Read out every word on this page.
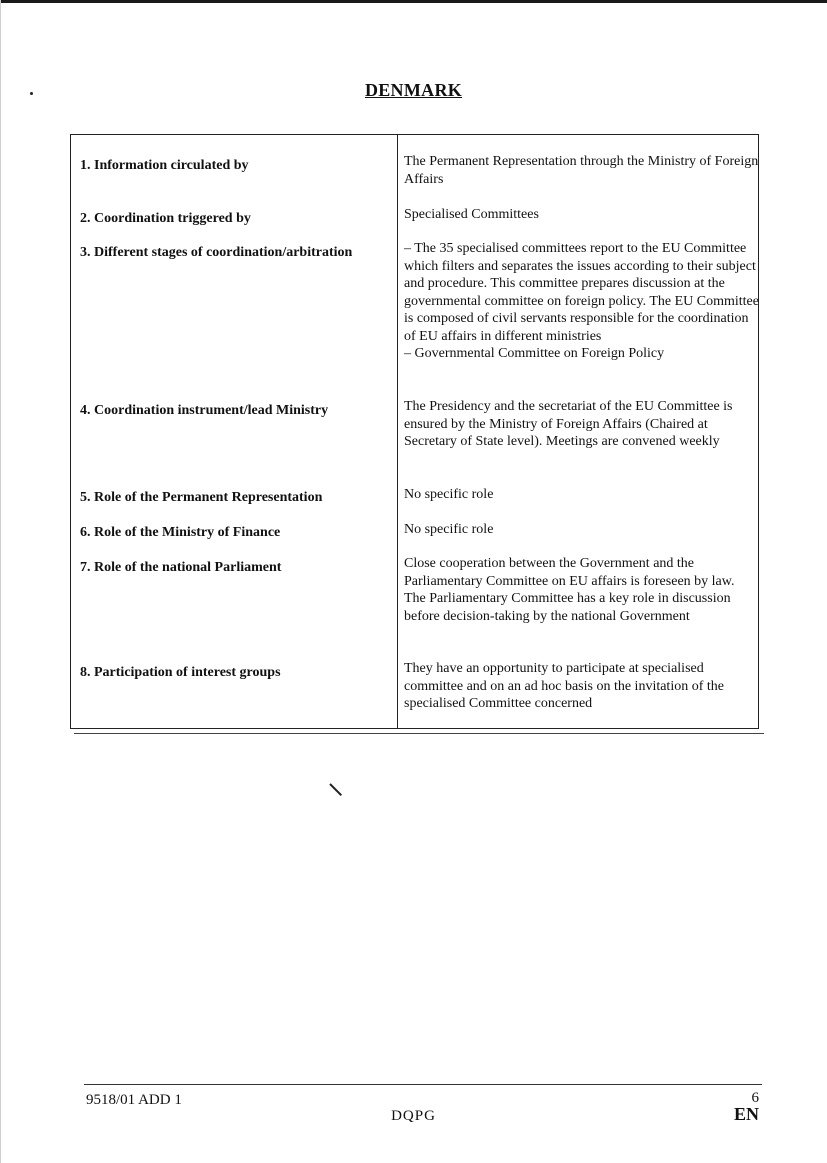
DENMARK
1. Information circulated by	The Permanent Representation through the Ministry of Foreign Affairs

2. Coordination triggered by	Specialised Committees

3. Different stages of coordination/arbitration	– The 35 specialised committees report to the EU Committee which filters and separates the issues according to their subject and procedure. This committee prepares discussion at the governmental committee on foreign policy. The EU Committee is composed of civil servants responsible for the coordination of EU affairs in different ministries

– Governmental Committee on Foreign Policy

4. Coordination instrument/lead Ministry	The Presidency and the secretariat of the EU Committee is ensured by the Ministry of Foreign Affairs (Chaired at Secretary of State level). Meetings are convened weekly

5. Role of the Permanent Representation	No specific role

6. Role of the Ministry of Finance	No specific role

7. Role of the national Parliament	Close cooperation between the Government and the Parliamentary Committee on EU affairs is foreseen by law. The Parliamentary Committee has a key role in discussion before decision-taking by the national Government

8. Participation of interest groups	They have an opportunity to participate at specialised committee and on an ad hoc basis on the invitation of the specialised Committee concerned

9518/01 ADD 1
DQPG
6
EN
